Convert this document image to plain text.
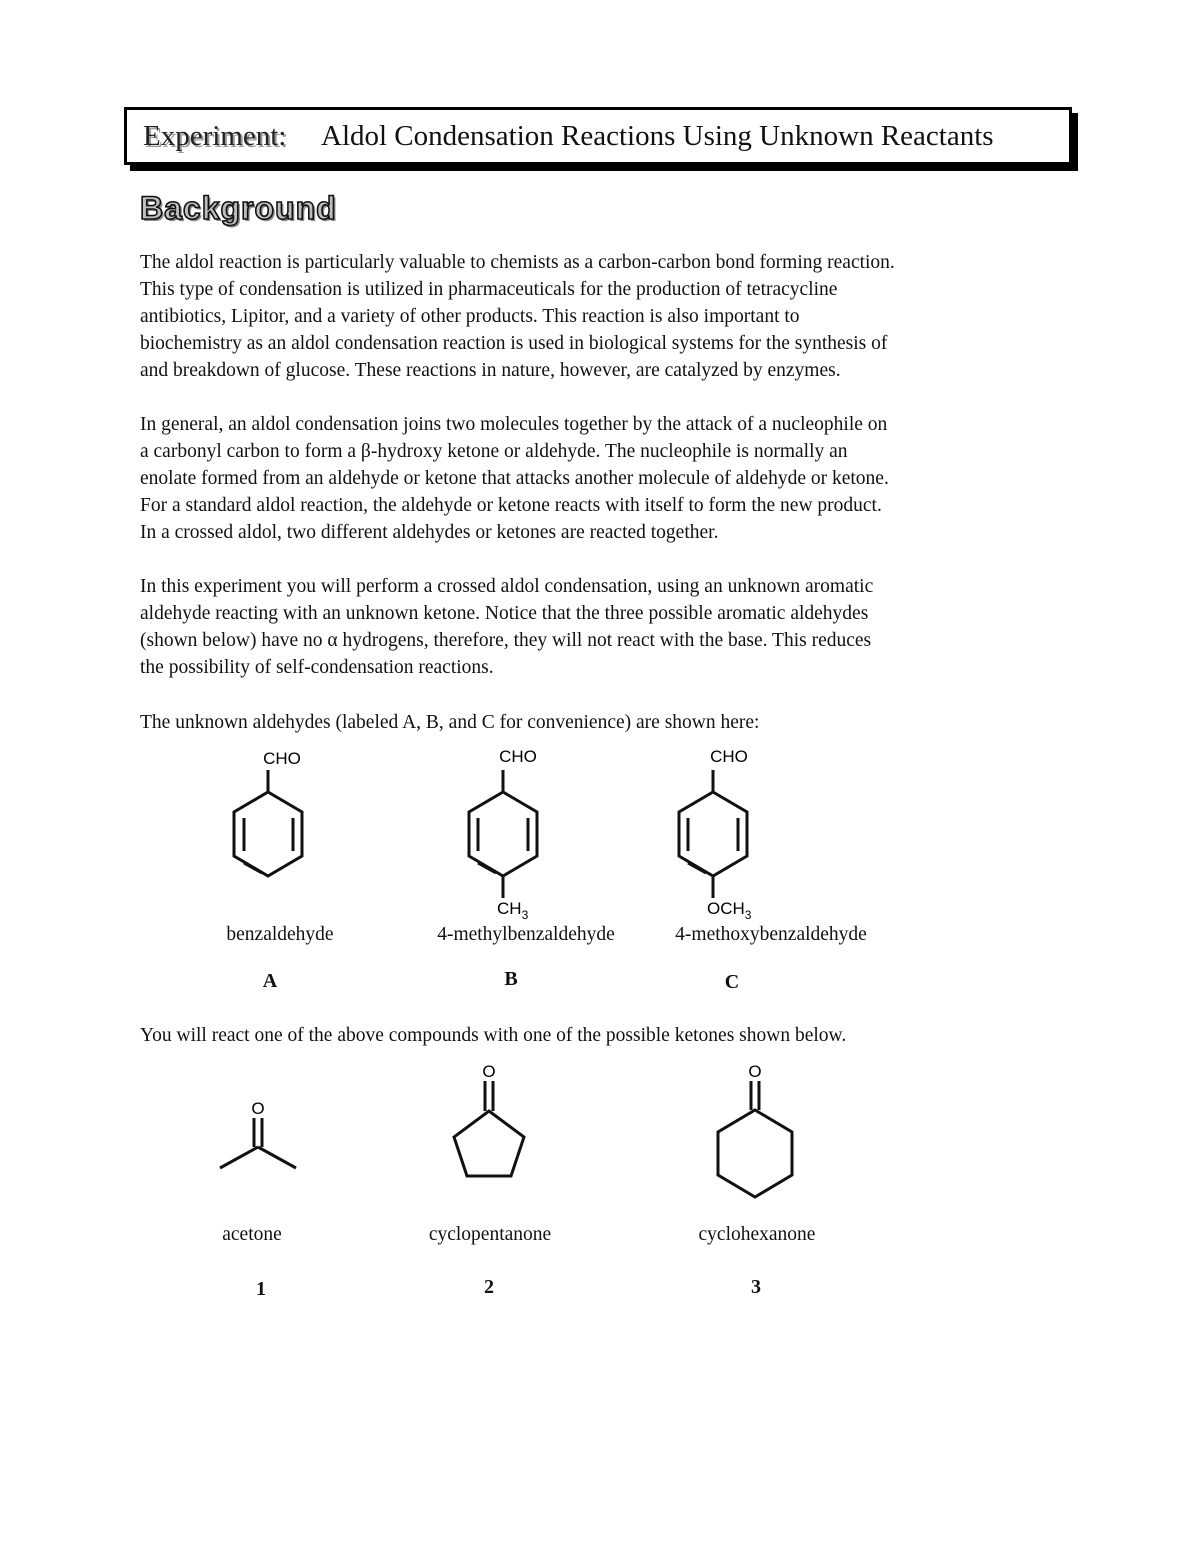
Experiment: Aldol Condensation Reactions Using Unknown Reactants
Background
The aldol reaction is particularly valuable to chemists as a carbon-carbon bond forming reaction.
This type of condensation is utilized in pharmaceuticals for the production of tetracycline
antibiotics, Lipitor, and a variety of other products. This reaction is also important to
biochemistry as an aldol condensation reaction is used in biological systems for the synthesis of
and breakdown of glucose. These reactions in nature, however, are catalyzed by enzymes.
In general, an aldol condensation joins two molecules together by the attack of a nucleophile on
a carbonyl carbon to form a β-hydroxy ketone or aldehyde. The nucleophile is normally an
enolate formed from an aldehyde or ketone that attacks another molecule of aldehyde or ketone.
For a standard aldol reaction, the aldehyde or ketone reacts with itself to form the new product.
In a crossed aldol, two different aldehydes or ketones are reacted together.
In this experiment you will perform a crossed aldol condensation, using an unknown aromatic
aldehyde reacting with an unknown ketone. Notice that the three possible aromatic aldehydes
(shown below) have no α hydrogens, therefore, they will not react with the base. This reduces
the possibility of self-condensation reactions.
The unknown aldehydes (labeled A, B, and C for convenience) are shown here:
CHO	CHO
$CH_3$
CHO
$OCH_3$
O
O	O
benzaldehyde	4-methylbenzaldehyde	4-methoxybenzaldehyde
A	B	C
You will react one of the above compounds with one of the possible ketones shown below.
acetone	cyclopentanone	cyclohexanone
1	2	3
